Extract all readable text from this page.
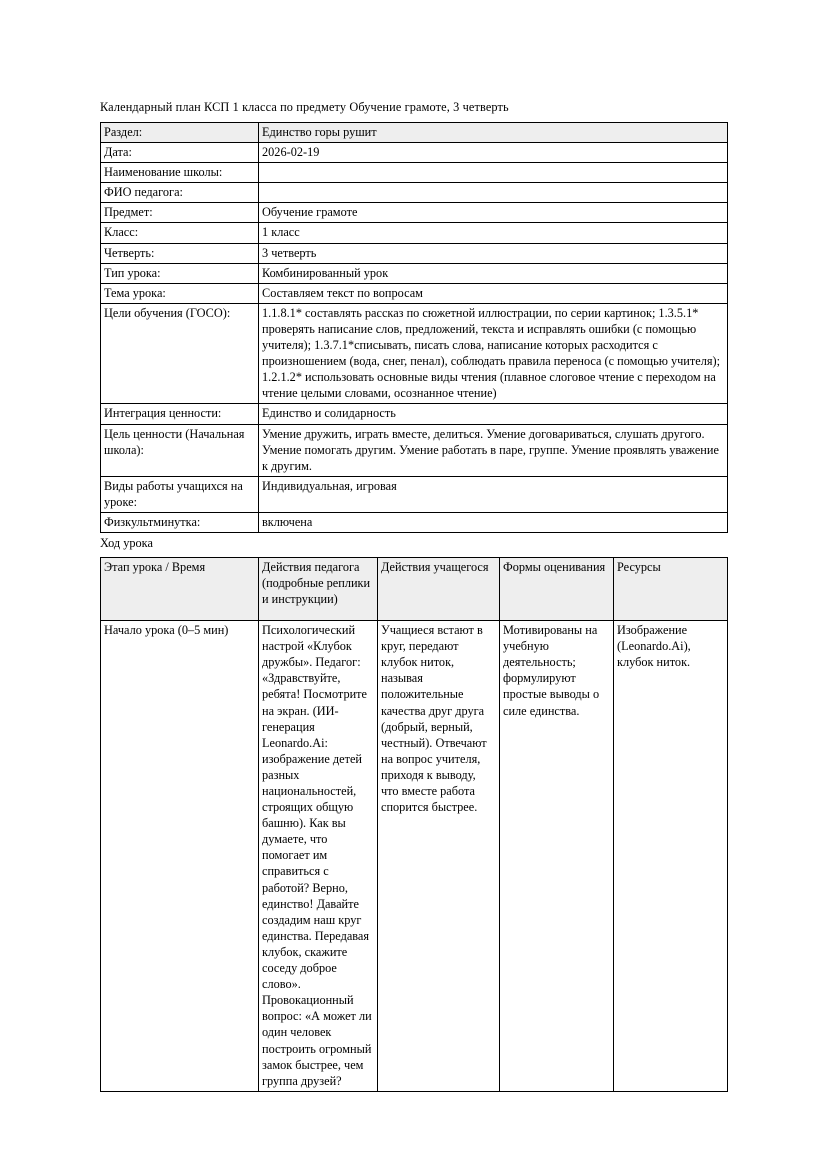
Календарный план КСП 1 класса по предмету Обучение грамоте, 3 четверть
Раздел:	Единство горы рушит
Дата:	2026-02-19
Наименование школы:	
ФИО педагога:	
Предмет:	Обучение грамоте
Класс:	1 класс
Четверть:	3 четверть
Тип урока:	Комбинированный урок
Тема урока:	Составляем текст по вопросам
Цели обучения (ГОСО):	1.1.8.1* составлять рассказ по сюжетной иллюстрации, по серии картинок; 1.3.5.1* проверять написание слов, предложений, текста и исправлять ошибки (с помощью учителя); 1.3.7.1*списывать, писать слова, написание которых расходится с произношением (вода, снег, пенал), соблюдать правила переноса (с помощью учителя); 1.2.1.2* использовать основные виды чтения (плавное слоговое чтение с переходом на чтение целыми словами, осознанное чтение)
Интеграция ценности:	Единство и солидарность
Цель ценности (Начальная школа):	Умение дружить, играть вместе, делиться. Умение договариваться, слушать другого. Умение помогать другим. Умение работать в паре, группе. Умение проявлять уважение к другим.
Виды работы учащихся на уроке:	Индивидуальная, игровая
Физкультминутка:	включена
Ход урока
Этап урока / Время	Действия педагога (подробные реплики и инструкции)	Действия учащегося	Формы оценивания	Ресурсы
Начало урока (0–5 мин)	Психологический настрой «Клубок дружбы». Педагог: «Здравствуйте, ребята! Посмотрите на экран. (ИИ-генерация Leonardo.Ai: изображение детей разных национальностей, строящих общую башню). Как вы думаете, что помогает им справиться с работой? Верно, единство! Давайте создадим наш круг единства. Передавая клубок, скажите соседу доброе слово». Провокационный вопрос: «А может ли один человек построить огромный замок быстрее, чем группа друзей?	Учащиеся встают в круг, передают клубок ниток, называя положительные качества друг друга (добрый, верный, честный). Отвечают на вопрос учителя, приходя к выводу, что вместе работа спорится быстрее.	Мотивированы на учебную деятельность; формулируют простые выводы о силе единства.	Изображение (Leonardo.Ai), клубок ниток.
